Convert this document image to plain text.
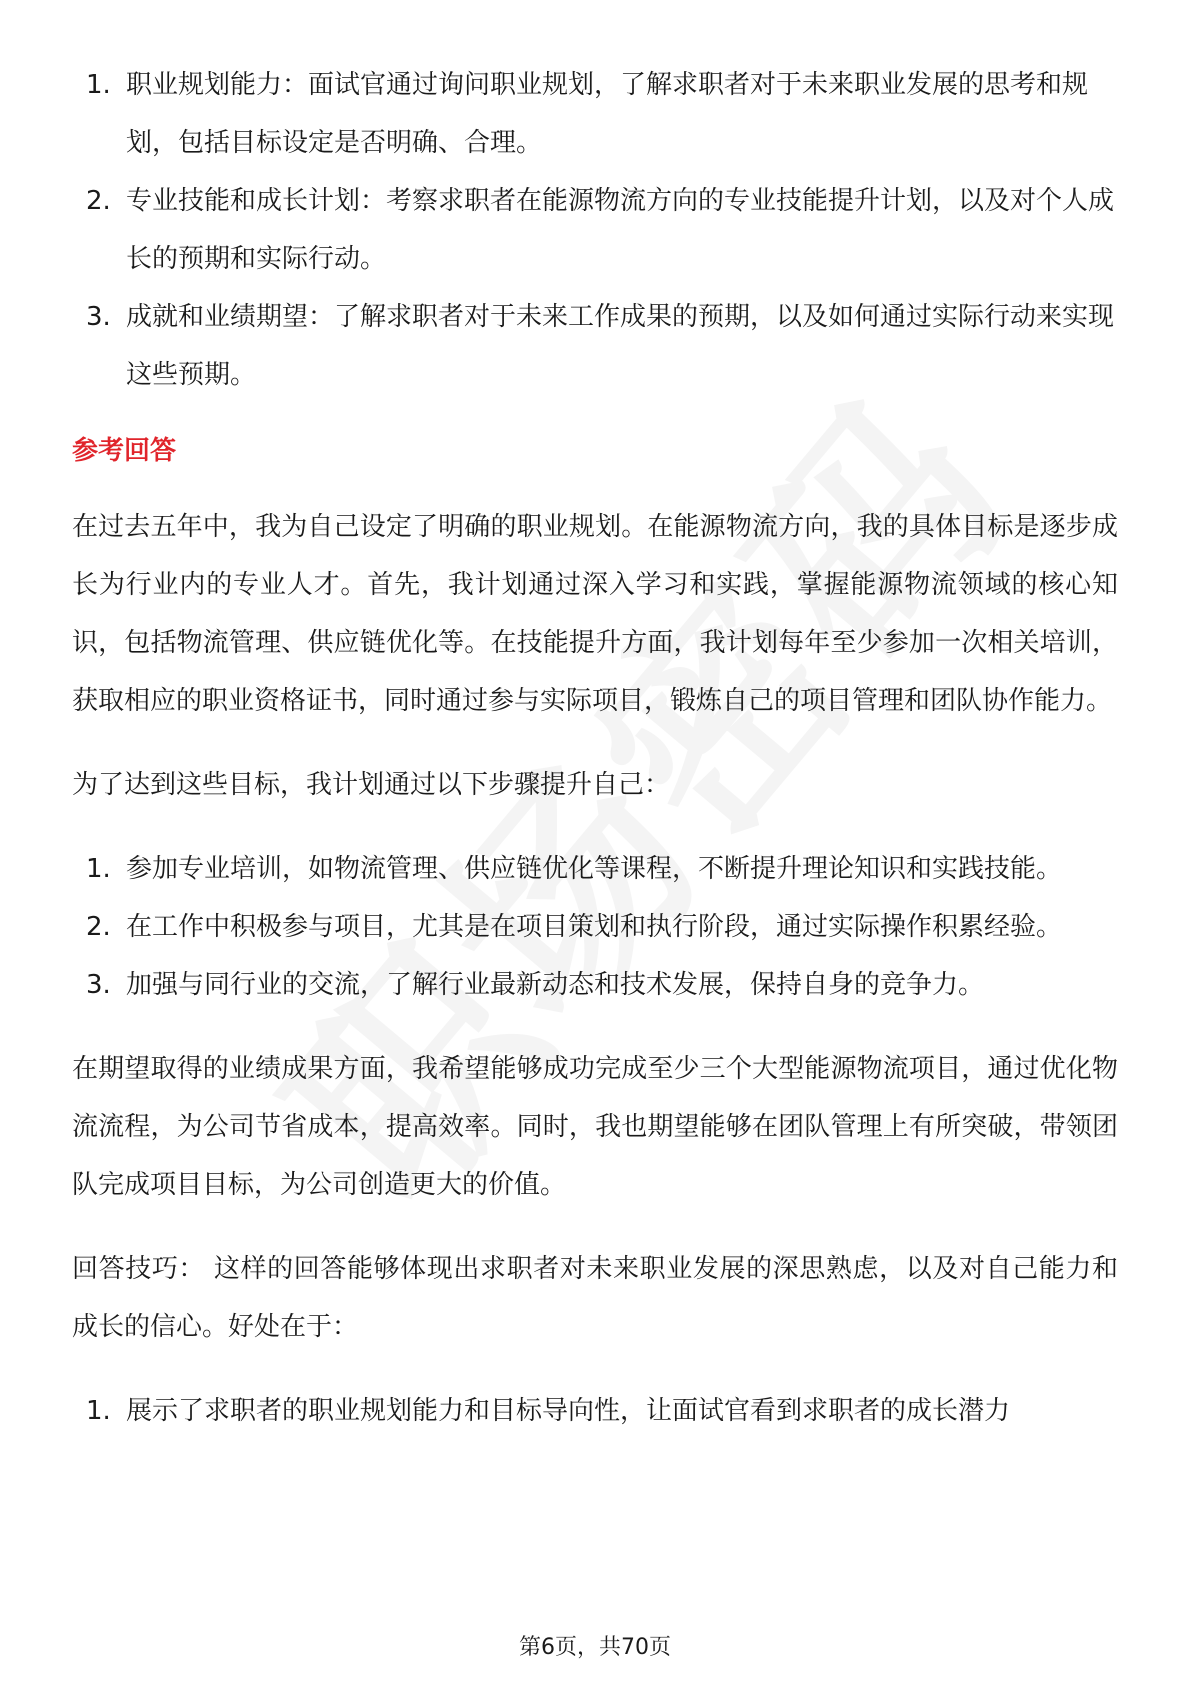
1. 职业规划能力：面试官通过询问职业规划，了解求职者对于未来职业发展的思考和规划，包括目标设定是否明确、合理。
2. 专业技能和成长计划：考察求职者在能源物流方向的专业技能提升计划，以及对个人成长的预期和实际行动。
3. 成就和业绩期望：了解求职者对于未来工作成果的预期，以及如何通过实际行动来实现这些预期。
参考回答

在过去五年中，我为自己设定了明确的职业规划。在能源物流方向，我的具体目标是逐步成长为行业内的专业人才。首先，我计划通过深入学习和实践，掌握能源物流领域的核心知识，包括物流管理、供应链优化等。在技能提升方面，我计划每年至少参加一次相关培训，获取相应的职业资格证书，同时通过参与实际项目，锻炼自己的项目管理和团队协作能力。

为了达到这些目标，我计划通过以下步骤提升自己：

1. 参加专业培训，如物流管理、供应链优化等课程，不断提升理论知识和实践技能。
2. 在工作中积极参与项目，尤其是在项目策划和执行阶段，通过实际操作积累经验。
3. 加强与同行业的交流，了解行业最新动态和技术发展，保持自身的竞争力。

在期望取得的业绩成果方面，我希望能够成功完成至少三个大型能源物流项目，通过优化物流流程，为公司节省成本，提高效率。同时，我也期望能够在团队管理上有所突破，带领团队完成项目目标，为公司创造更大的价值。

回答技巧： 这样的回答能够体现出求职者对未来职业发展的深思熟虑，以及对自己能力和成长的信心。好处在于：

1. 展示了求职者的职业规划能力和目标导向性，让面试官看到求职者的成长潜力
第6页，共70页
